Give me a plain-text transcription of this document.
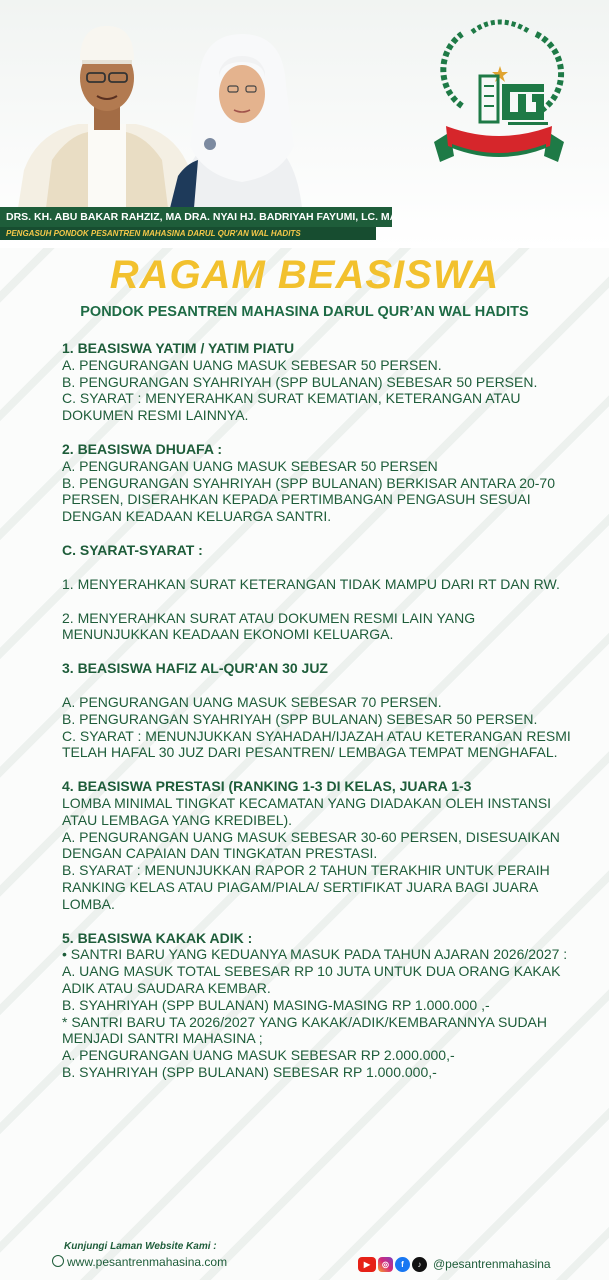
DRS. KH. ABU BAKAR RAHZIZ, MA DRA. NYAI HJ. BADRIYAH FAYUMI, LC. MA
PENGASUH PONDOK PESANTREN MAHASINA DARUL QUR'AN WAL HADITS
RAGAM BEASISWA
PONDOK PESANTREN MAHASINA DARUL QUR’AN WAL HADITS

1. BEASISWA YATIM / YATIM PIATU

A. PENGURANGAN UANG MASUK SEBESAR 50 PERSEN.

B. PENGURANGAN SYAHRIYAH (SPP BULANAN) SEBESAR 50 PERSEN.

C. SYARAT : MENYERAHKAN SURAT KEMATIAN, KETERANGAN ATAU DOKUMEN RESMI LAINNYA.

2. BEASISWA DHUAFA :

A. PENGURANGAN UANG MASUK SEBESAR 50 PERSEN

B. PENGURANGAN SYAHRIYAH (SPP BULANAN) BERKISAR ANTARA 20-70 PERSEN, DISERAHKAN KEPADA PERTIMBANGAN PENGASUH SESUAI DENGAN KEADAAN KELUARGA SANTRI.

C. SYARAT-SYARAT :

1. MENYERAHKAN SURAT KETERANGAN TIDAK MAMPU DARI RT DAN RW.

2. MENYERAHKAN SURAT ATAU DOKUMEN RESMI LAIN YANG MENUNJUKKAN KEADAAN EKONOMI KELUARGA.

3. BEASISWA HAFIZ AL-QUR'AN 30 JUZ

A. PENGURANGAN UANG MASUK SEBESAR 70 PERSEN.

B. PENGURANGAN SYAHRIYAH (SPP BULANAN) SEBESAR 50 PERSEN.

C. SYARAT : MENUNJUKKAN SYAHADAH/IJAZAH ATAU KETERANGAN RESMI TELAH HAFAL 30 JUZ DARI PESANTREN/ LEMBAGA TEMPAT MENGHAFAL.

4. BEASISWA PRESTASI (RANKING 1-3 DI KELAS, JUARA 1-3

LOMBA MINIMAL TINGKAT KECAMATAN YANG DIADAKAN OLEH INSTANSI ATAU LEMBAGA YANG KREDIBEL).

A. PENGURANGAN UANG MASUK SEBESAR 30-60 PERSEN, DISESUAIKAN DENGAN CAPAIAN DAN TINGKATAN PRESTASI.

B. SYARAT : MENUNJUKKAN RAPOR 2 TAHUN TERAKHIR UNTUK PERAIH RANKING KELAS ATAU PIAGAM/PIALA/ SERTIFIKAT JUARA BAGI JUARA LOMBA.

5. BEASISWA KAKAK ADIK :

• SANTRI BARU YANG KEDUANYA MASUK PADA TAHUN AJARAN 2026/2027 :

A. UANG MASUK TOTAL SEBESAR RP 10 JUTA UNTUK DUA ORANG KAKAK ADIK ATAU SAUDARA KEMBAR.

B. SYAHRIYAH (SPP BULANAN) MASING-MASING RP 1.000.000 ,-

* SANTRI BARU TA 2026/2027 YANG KAKAK/ADIK/KEMBARANNYA SUDAH MENJADI SANTRI MAHASINA ;

A. PENGURANGAN UANG MASUK SEBESAR RP 2.000.000,-

B. SYAHRIYAH (SPP BULANAN) SEBESAR RP 1.000.000,-

Kunjungi Laman Website Kami :
www.pesantrenmahasina.com	▶	◎	f	♪ @pesantrenmahasina
